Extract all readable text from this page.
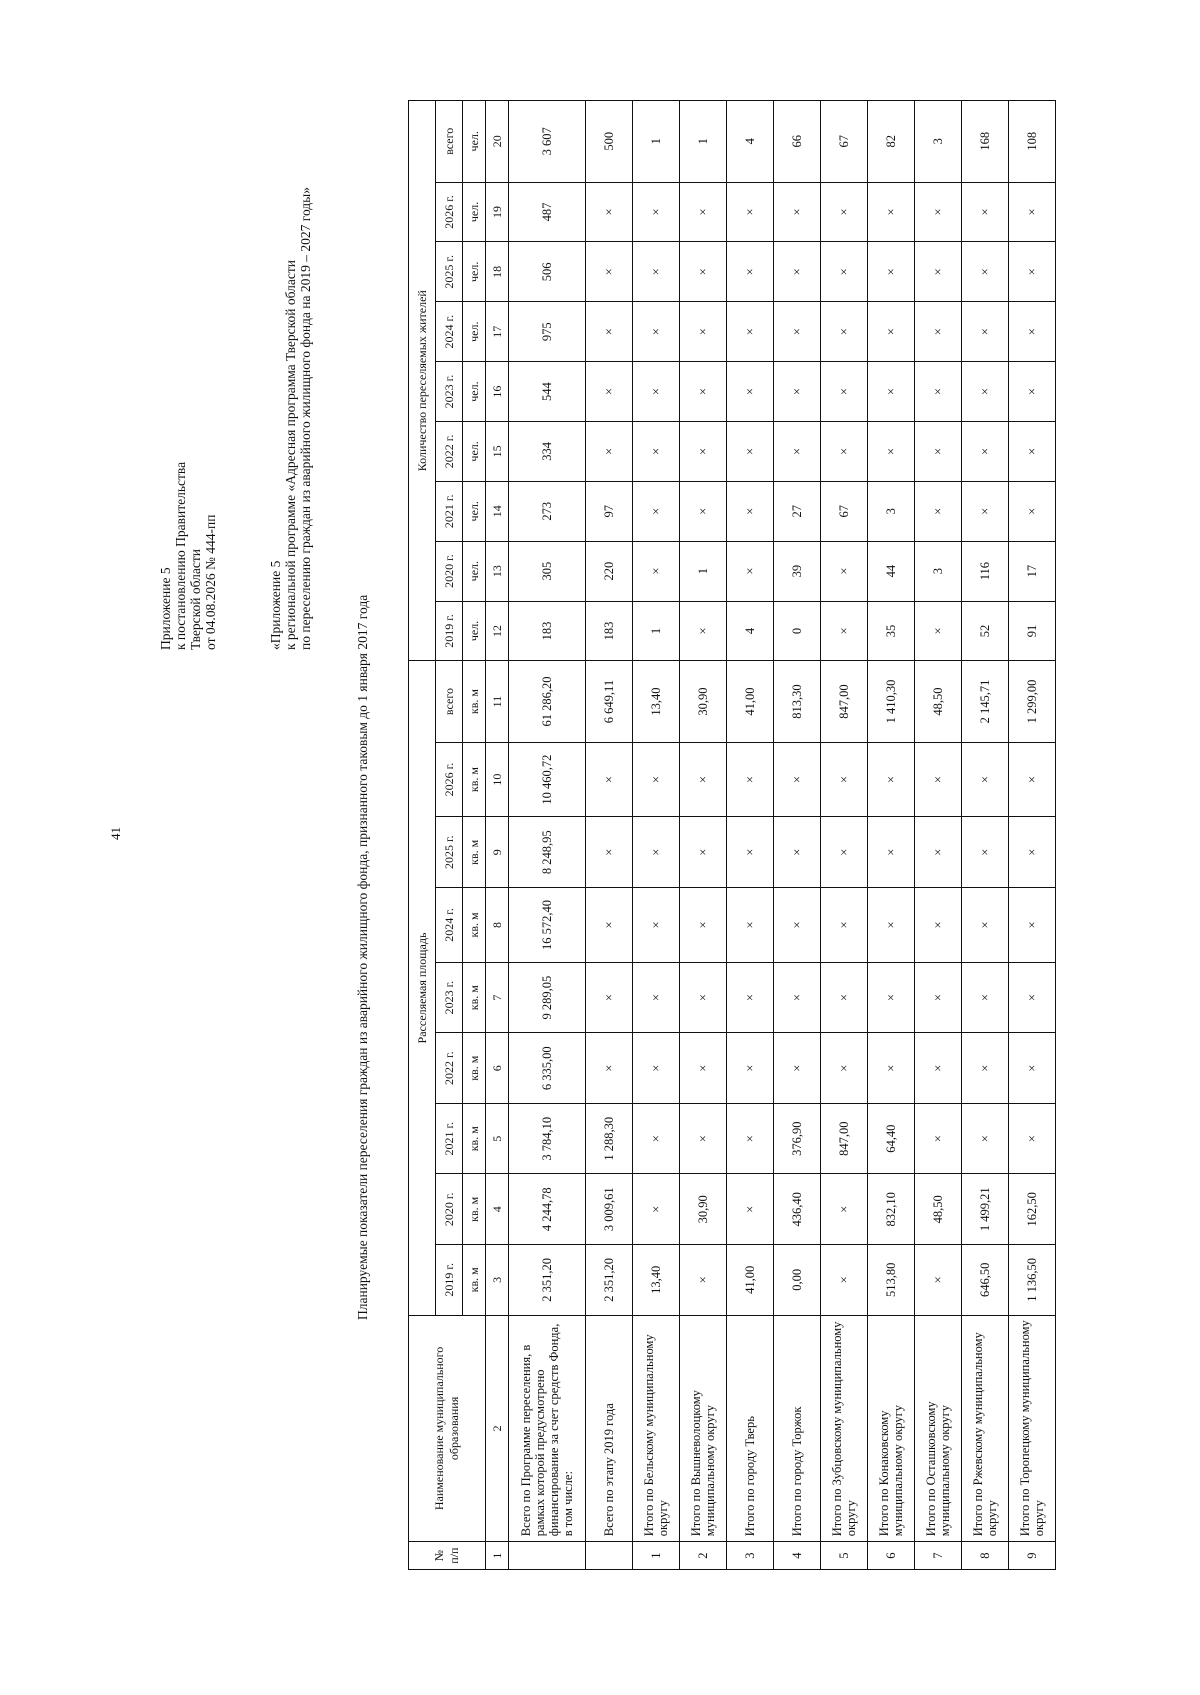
41
Приложение 5 к постановлению Правительства Тверской области от 04.08.2026 № 444-пп	«Приложение 5 к региональной программе «Адресная программа Тверской области по переселению граждан из аварийного жилищного фонда на 2019 – 2027 годы»
Планируемые показатели переселения граждан из аварийного жилищного фонда, признанного таковым до 1 января 2017 года
№ п/п	Наименование муниципального образования	Расселяемая площадь									Количество переселяемых жителей								
		2019 г.	2020 г.	2021 г.	2022 г.	2023 г.	2024 г.	2025 г.	2026 г.	всего	2019 г.	2020 г.	2021 г.	2022 г.	2023 г.	2024 г.	2025 г.	2026 г.	всего
		кв. м	кв. м	кв. м	кв. м	кв. м	кв. м	кв. м	кв. м	кв. м	чел.	чел.	чел.	чел.	чел.	чел.	чел.	чел.	чел.
1	2	3	4	5	6	7	8	9	10	11	12	13	14	15	16	17	18	19	20
	Всего по Программе переселения, в рамках которой предусмотрено финансирование за счет средств Фонда, в том числе:	2 351,20	4 244,78	3 784,10	6 335,00	9 289,05	16 572,40	8 248,95	10 460,72	61 286,20	183	305	273	334	544	975	506	487	3 607
	Всего по этапу 2019 года	2 351,20	3 009,61	1 288,30	×	×	×	×	×	6 649,11	183	220	97	×	×	×	×	×	500
1	Итого по Бельскому муниципальному округу	13,40	×	×	×	×	×	×	×	13,40	1	×	×	×	×	×	×	×	1
2	Итого по Вышневолоцкому муниципальному округу	×	30,90	×	×	×	×	×	×	30,90	×	1	×	×	×	×	×	×	1
3	Итого по городу Тверь	41,00	×	×	×	×	×	×	×	41,00	4	×	×	×	×	×	×	×	4
4	Итого по городу Торжок	0,00	436,40	376,90	×	×	×	×	×	813,30	0	39	27	×	×	×	×	×	66
5	Итого по Зубцовскому муниципальному округу	×	×	847,00	×	×	×	×	×	847,00	×	×	67	×	×	×	×	×	67
6	Итого по Конаковскому муниципальному округу	513,80	832,10	64,40	×	×	×	×	×	1 410,30	35	44	3	×	×	×	×	×	82
7	Итого по Осташковскому муниципальному округу	×	48,50	×	×	×	×	×	×	48,50	×	3	×	×	×	×	×	×	3
8	Итого по Ржевскому муниципальному округу	646,50	1 499,21	×	×	×	×	×	×	2 145,71	52	116	×	×	×	×	×	×	168
9	Итого по Торопецкому муниципальному округу	1 136,50	162,50	×	×	×	×	×	×	1 299,00	91	17	×	×	×	×	×	×	108
